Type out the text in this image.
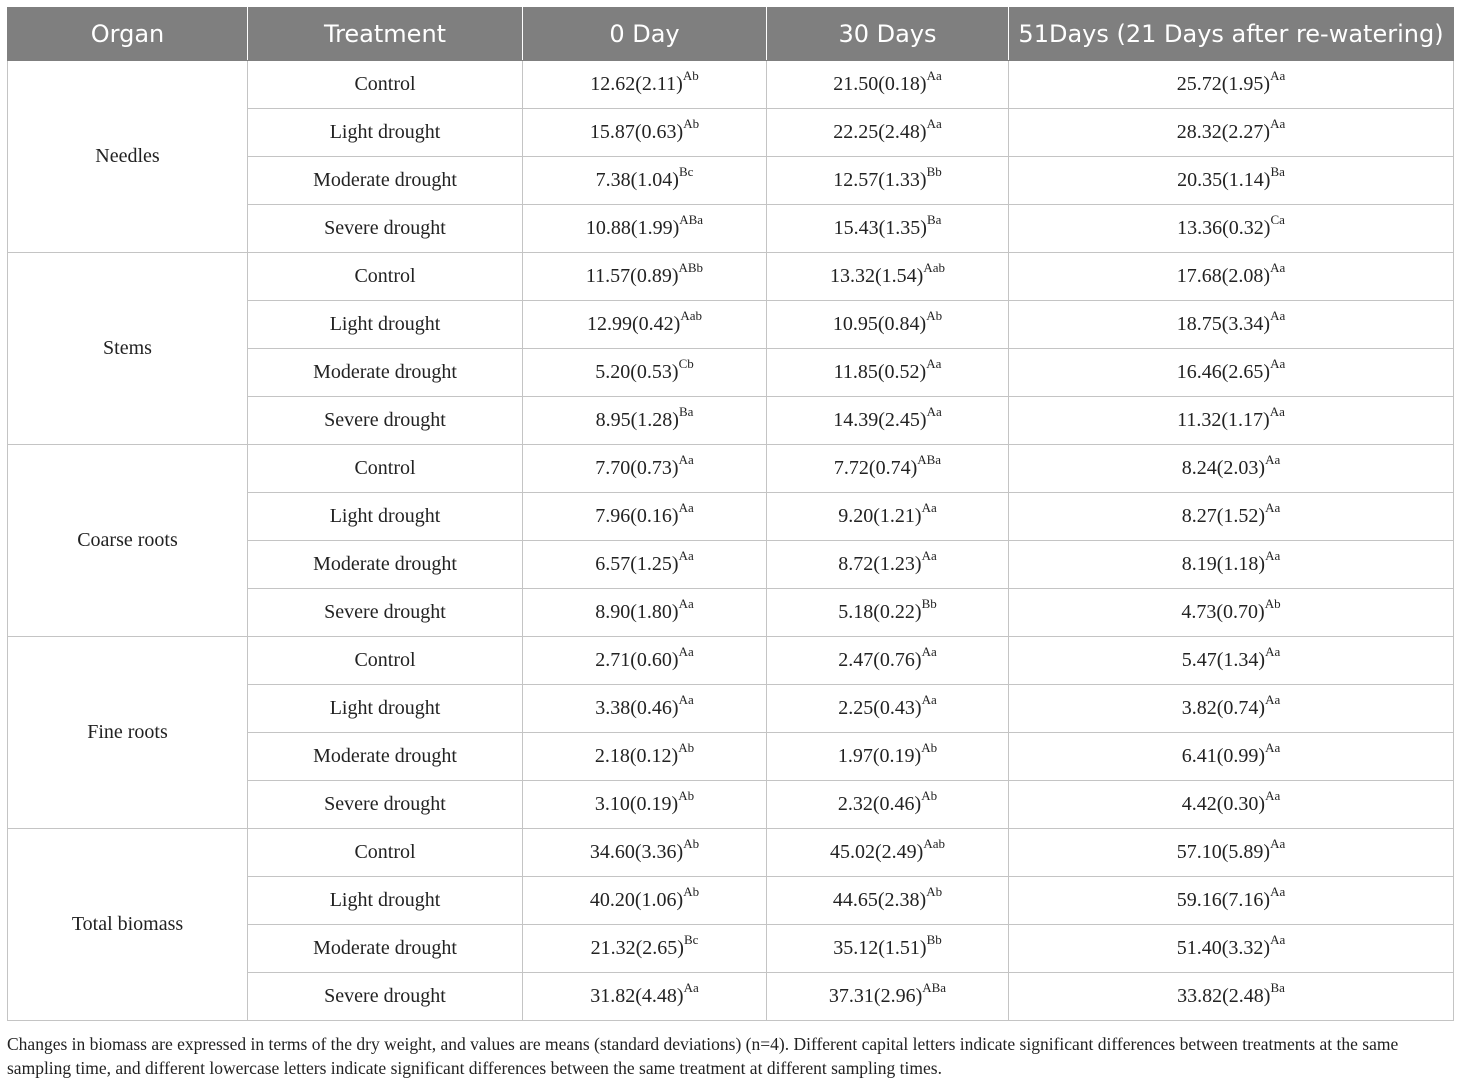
Organ	Treatment	0 Day	30 Days	51Days (21 Days after re-watering)
Needles	Control	$12.62(2.11)^{Ab}$	$21.50(0.18)^{Aa}$	$25.72(1.95)^{Aa}$
	Light drought	$15.87(0.63)^{Ab}$	$22.25(2.48)^{Aa}$	$28.32(2.27)^{Aa}$
	Moderate drought	$7.38(1.04)^{Bc}$	$12.57(1.33)^{Bb}$	$20.35(1.14)^{Ba}$
	Severe drought	$10.88(1.99)^{ABa}$	$15.43(1.35)^{Ba}$	$13.36(0.32)^{Ca}$
Stems	Control	$11.57(0.89)^{ABb}$	$13.32(1.54)^{Aab}$	$17.68(2.08)^{Aa}$
	Light drought	$12.99(0.42)^{Aab}$	$10.95(0.84)^{Ab}$	$18.75(3.34)^{Aa}$
	Moderate drought	$5.20(0.53)^{Cb}$	$11.85(0.52)^{Aa}$	$16.46(2.65)^{Aa}$
	Severe drought	$8.95(1.28)^{Ba}$	$14.39(2.45)^{Aa}$	$11.32(1.17)^{Aa}$
Coarse roots	Control	$7.70(0.73)^{Aa}$	$7.72(0.74)^{ABa}$	$8.24(2.03)^{Aa}$
	Light drought	$7.96(0.16)^{Aa}$	$9.20(1.21)^{Aa}$	$8.27(1.52)^{Aa}$
	Moderate drought	$6.57(1.25)^{Aa}$	$8.72(1.23)^{Aa}$	$8.19(1.18)^{Aa}$
	Severe drought	$8.90(1.80)^{Aa}$	$5.18(0.22)^{Bb}$	$4.73(0.70)^{Ab}$
Fine roots	Control	$2.71(0.60)^{Aa}$	$2.47(0.76)^{Aa}$	$5.47(1.34)^{Aa}$
	Light drought	$3.38(0.46)^{Aa}$	$2.25(0.43)^{Aa}$	$3.82(0.74)^{Aa}$
	Moderate drought	$2.18(0.12)^{Ab}$	$1.97(0.19)^{Ab}$	$6.41(0.99)^{Aa}$
	Severe drought	$3.10(0.19)^{Ab}$	$2.32(0.46)^{Ab}$	$4.42(0.30)^{Aa}$
Total biomass	Control	$34.60(3.36)^{Ab}$	$45.02(2.49)^{Aab}$	$57.10(5.89)^{Aa}$
	Light drought	$40.20(1.06)^{Ab}$	$44.65(2.38)^{Ab}$	$59.16(7.16)^{Aa}$
	Moderate drought	$21.32(2.65)^{Bc}$	$35.12(1.51)^{Bb}$	$51.40(3.32)^{Aa}$
	Severe drought	$31.82(4.48)^{Aa}$	$37.31(2.96)^{ABa}$	$33.82(2.48)^{Ba}$
Changes in biomass are expressed in terms of the dry weight, and values are means (standard deviations) (n=4). Different capital letters indicate significant differences between treatments at the same sampling time, and different lowercase letters indicate significant differences between the same treatment at different sampling times.
